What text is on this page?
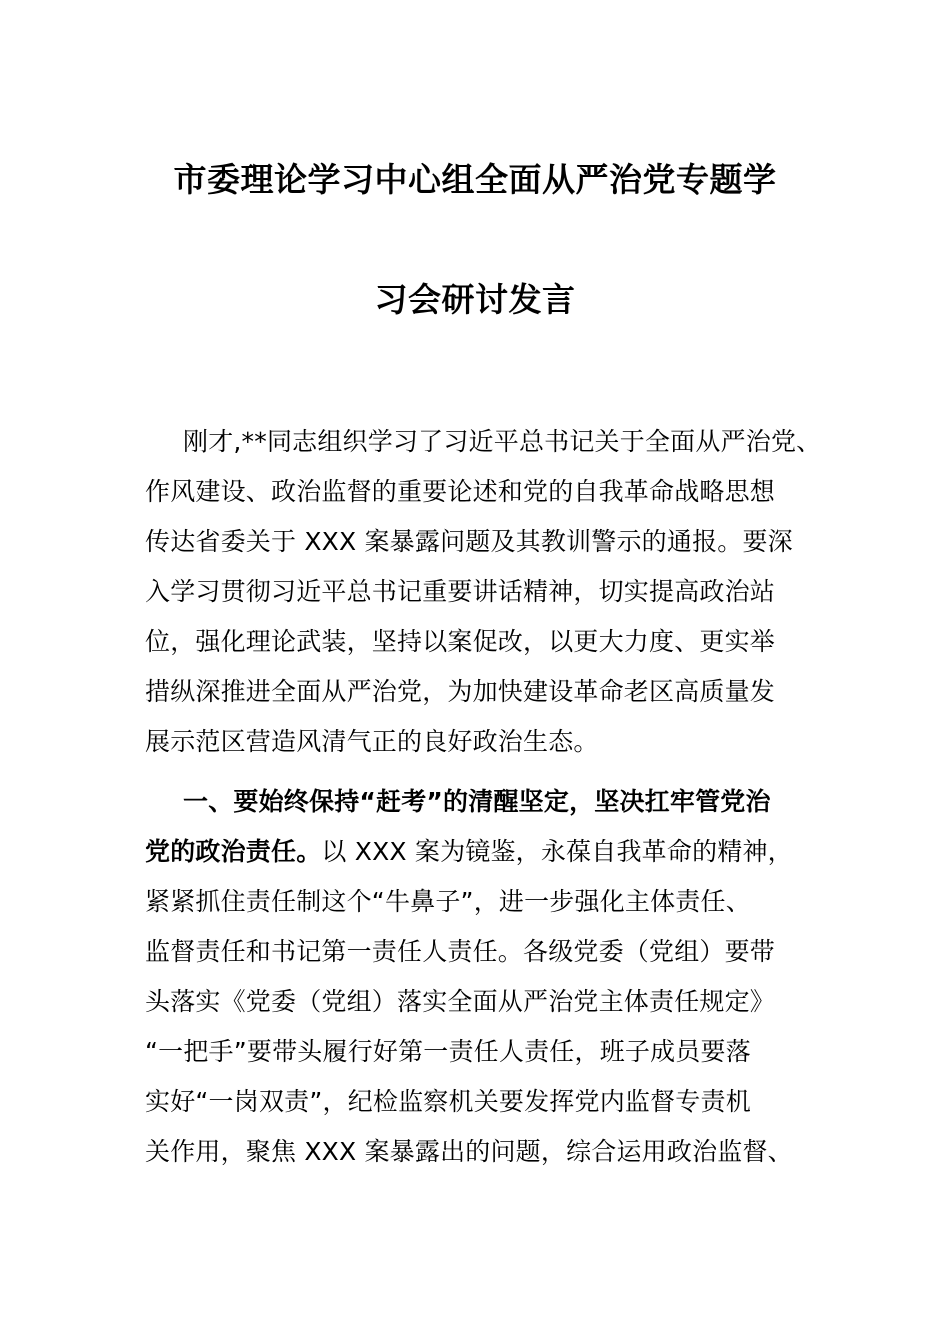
市委理论学习中心组全面从严治党专题学
习会研讨发言
刚才,**同志组织学习了习近平总书记关于全面从严治党、
作风建设、政治监督的重要论述和党的自我革命战略思想
传达省委关于 XXX 案暴露问题及其教训警示的通报。要深
入学习贯彻习近平总书记重要讲话精神，切实提高政治站
位，强化理论武装，坚持以案促改，以更大力度、更实举
措纵深推进全面从严治党，为加快建设革命老区高质量发
展示范区营造风清气正的良好政治生态。
一、要始终保持“赶考”的清醒坚定，坚决扛牢管党治
党的政治责任。以 XXX 案为镜鉴，永葆自我革命的精神，
紧紧抓住责任制这个“牛鼻子”，进一步强化主体责任、
监督责任和书记第一责任人责任。各级党委（党组）要带
头落实《党委（党组）落实全面从严治党主体责任规定》
“一把手”要带头履行好第一责任人责任，班子成员要落
实好“一岗双责”，纪检监察机关要发挥党内监督专责机
关作用，聚焦 XXX 案暴露出的问题，综合运用政治监督、
